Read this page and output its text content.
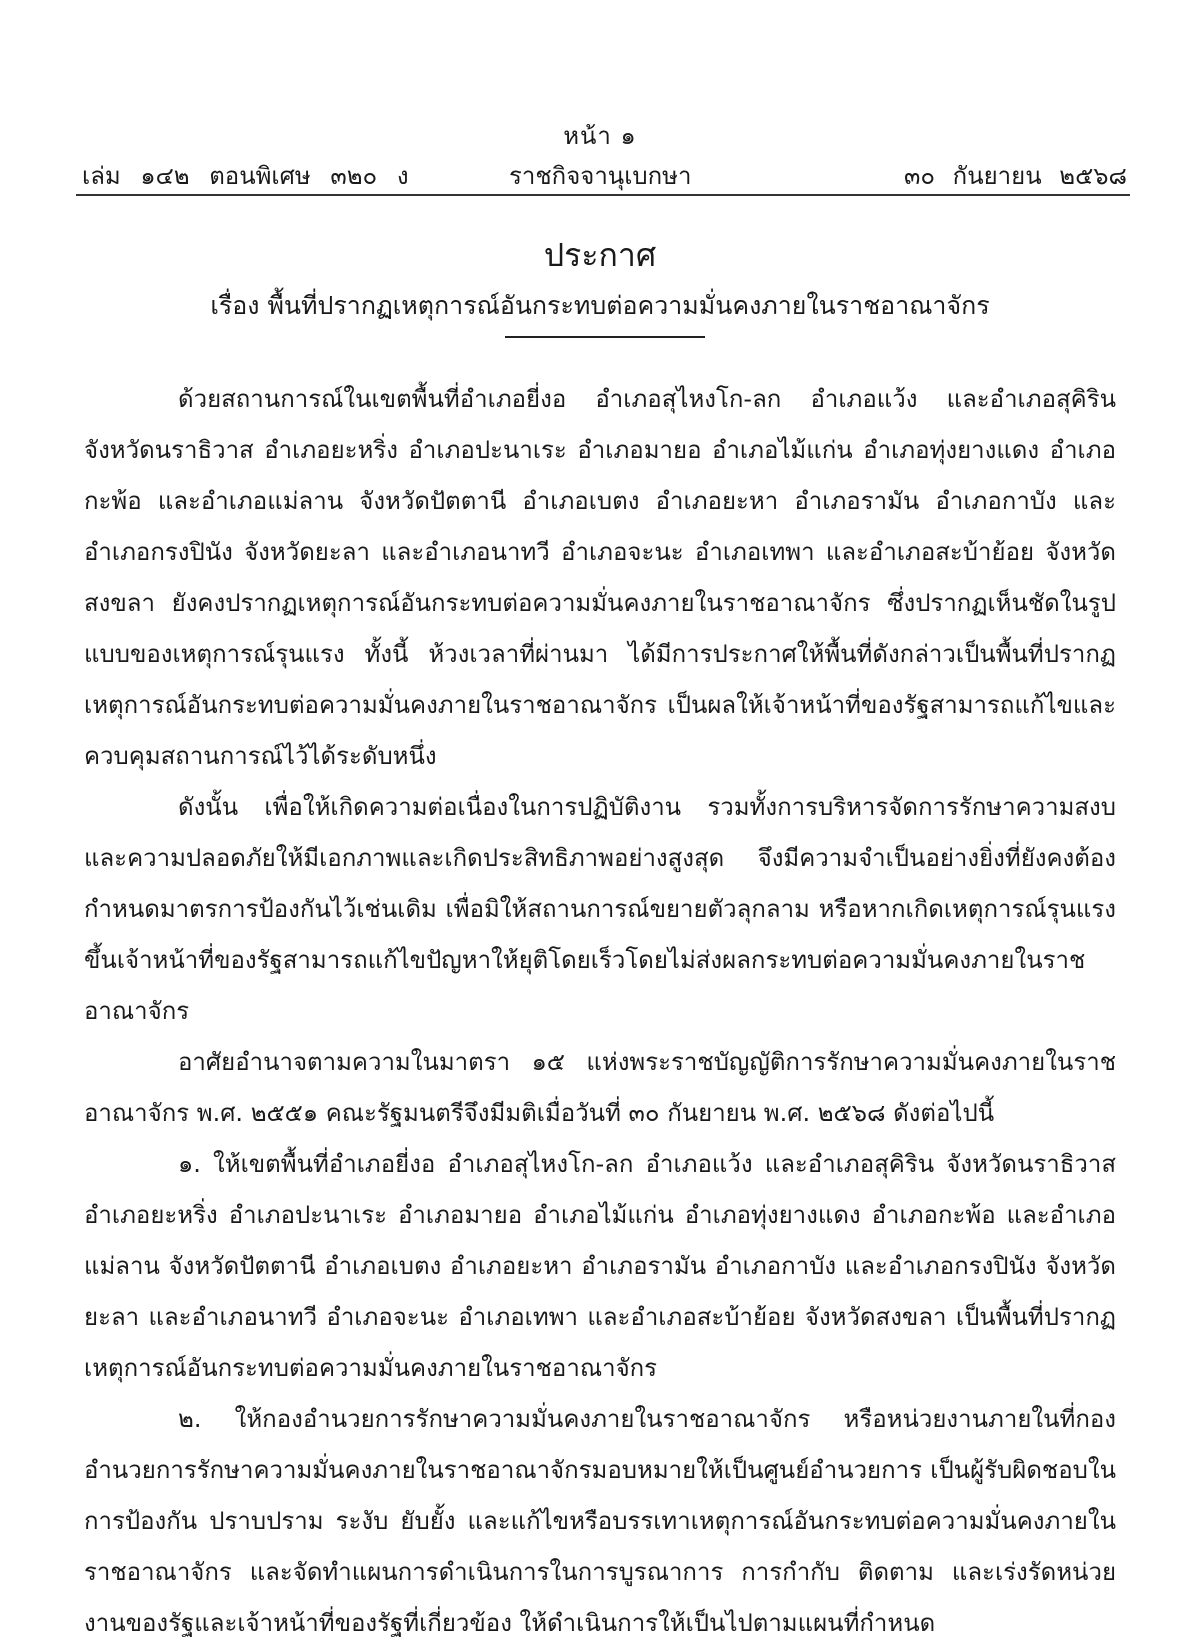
หน้า ๑
เล่ม ๑๔๒ ตอนพิเศษ ๓๒๐ ง	ราชกิจจานุเบกษา	๓๐ กันยายน ๒๕๖๘
ประกาศ
เรื่อง พื้นที่ปรากฏเหตุการณ์อันกระทบต่อความมั่นคงภายในราชอาณาจักร

ด้วยสถานการณ์ในเขตพื้นที่อำเภอยี่งอ อำเภอสุไหงโก-ลก อำเภอแว้ง และอำเภอสุคิริน จังหวัดนราธิวาส อำเภอยะหริ่ง อำเภอปะนาเระ อำเภอมายอ อำเภอไม้แก่น อำเภอทุ่งยางแดง อำเภอกะพ้อ และอำเภอแม่ลาน จังหวัดปัตตานี อำเภอเบตง อำเภอยะหา อำเภอรามัน อำเภอกาบัง และอำเภอกรงปินัง จังหวัดยะลา และอำเภอนาทวี อำเภอจะนะ อำเภอเทพา และอำเภอสะบ้าย้อย จังหวัดสงขลา ยังคงปรากฏเหตุการณ์อันกระทบต่อความมั่นคงภายในราชอาณาจักร ซึ่งปรากฏเห็นชัดในรูปแบบของเหตุการณ์รุนแรง ทั้งนี้ ห้วงเวลาที่ผ่านมา ได้มีการประกาศให้พื้นที่ดังกล่าวเป็นพื้นที่ปรากฏเหตุการณ์อันกระทบต่อความมั่นคงภายในราชอาณาจักร เป็นผลให้เจ้าหน้าที่ของรัฐสามารถแก้ไขและควบคุมสถานการณ์ไว้ได้ระดับหนึ่ง

ดังนั้น เพื่อให้เกิดความต่อเนื่องในการปฏิบัติงาน รวมทั้งการบริหารจัดการรักษาความสงบและความปลอดภัยให้มีเอกภาพและเกิดประสิทธิภาพอย่างสูงสุด จึงมีความจำเป็นอย่างยิ่งที่ยังคงต้องกำหนดมาตรการป้องกันไว้เช่นเดิม เพื่อมิให้สถานการณ์ขยายตัวลุกลาม หรือหากเกิดเหตุการณ์รุนแรงขึ้นเจ้าหน้าที่ของรัฐสามารถแก้ไขปัญหาให้ยุติโดยเร็วโดยไม่ส่งผลกระทบต่อความมั่นคงภายในราชอาณาจักร

อาศัยอำนาจตามความในมาตรา ๑๕ แห่งพระราชบัญญัติการรักษาความมั่นคงภายในราชอาณาจักร พ.ศ. ๒๕๕๑ คณะรัฐมนตรีจึงมีมติเมื่อวันที่ ๓๐ กันยายน พ.ศ. ๒๕๖๘ ดังต่อไปนี้

๑. ให้เขตพื้นที่อำเภอยี่งอ อำเภอสุไหงโก-ลก อำเภอแว้ง และอำเภอสุคิริน จังหวัดนราธิวาส อำเภอยะหริ่ง อำเภอปะนาเระ อำเภอมายอ อำเภอไม้แก่น อำเภอทุ่งยางแดง อำเภอกะพ้อ และอำเภอแม่ลาน จังหวัดปัตตานี อำเภอเบตง อำเภอยะหา อำเภอรามัน อำเภอกาบัง และอำเภอกรงปินัง จังหวัดยะลา และอำเภอนาทวี อำเภอจะนะ อำเภอเทพา และอำเภอสะบ้าย้อย จังหวัดสงขลา เป็นพื้นที่ปรากฏเหตุการณ์อันกระทบต่อความมั่นคงภายในราชอาณาจักร

๒. ให้กองอำนวยการรักษาความมั่นคงภายในราชอาณาจักร หรือหน่วยงานภายในที่กองอำนวยการรักษาความมั่นคงภายในราชอาณาจักรมอบหมายให้เป็นศูนย์อำนวยการ เป็นผู้รับผิดชอบในการป้องกัน ปราบปราม ระงับ ยับยั้ง และแก้ไขหรือบรรเทาเหตุการณ์อันกระทบต่อความมั่นคงภายในราชอาณาจักร และจัดทำแผนการดำเนินการในการบูรณาการ การกำกับ ติดตาม และเร่งรัดหน่วยงานของรัฐและเจ้าหน้าที่ของรัฐที่เกี่ยวข้อง ให้ดำเนินการให้เป็นไปตามแผนที่กำหนด
